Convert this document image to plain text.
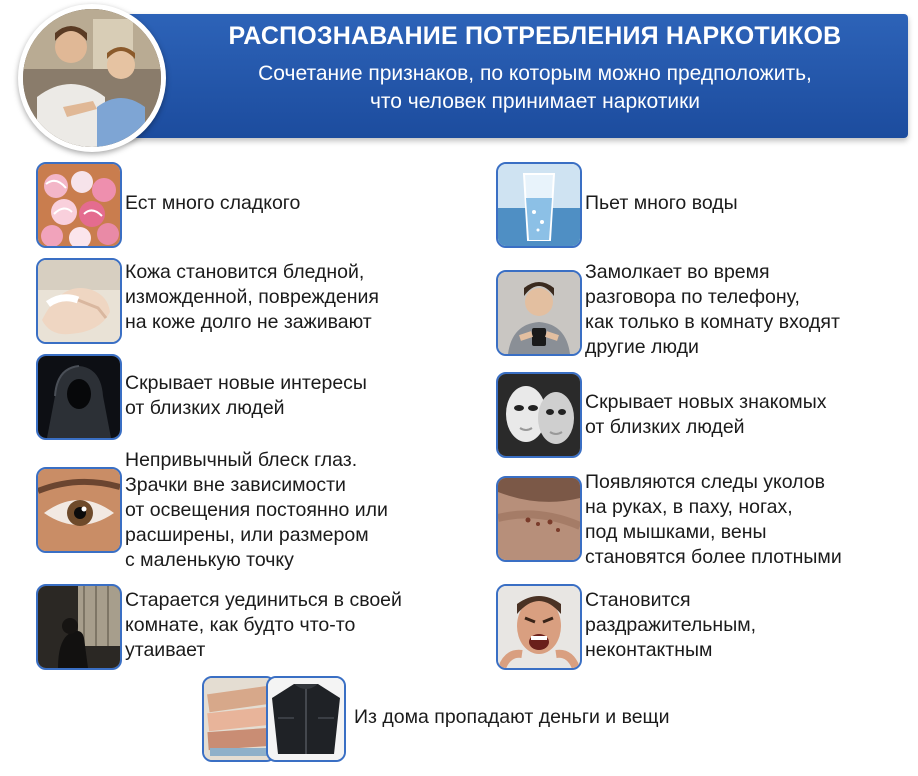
РАСПОЗНАВАНИЕ ПОТРЕБЛЕНИЯ НАРКОТИКОВ
Сочетание признаков, по которым можно предположить,
что человек принимает наркотики
Ест много сладкого
Кожа становится бледной,
изможденной, повреждения
на коже долго не заживают
Скрывает новые интересы
от близких людей
Непривычный блеск глаз.
Зрачки вне зависимости
от освещения постоянно или
расширены, или размером
с маленькую точку
Старается уединиться в своей
комнате, как будто что-то
утаивает
Пьет много воды
Замолкает во время
разговора по телефону,
как только в комнату входят
другие люди
Скрывает новых знакомых
от близких людей
Появляются следы уколов
на руках, в паху, ногах,
под мышками, вены
становятся более плотными
Становится
раздражительным,
неконтактным
Из дома пропадают деньги и вещи
